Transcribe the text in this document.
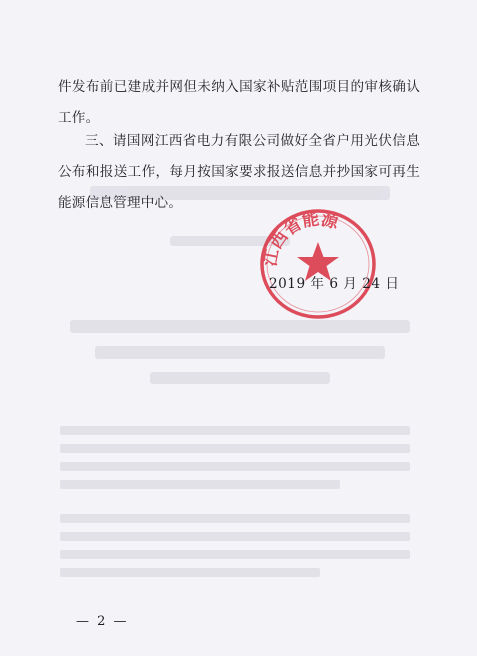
件发布前已建成并网但未纳入国家补贴范围项目的审核确认工作。

三、请国网江西省电力有限公司做好全省户用光伏信息公布和报送工作，每月按国家要求报送信息并抄国家可再生能源信息管理中心。

江西省能源
2019 年 6 月 24 日
— 2 —
